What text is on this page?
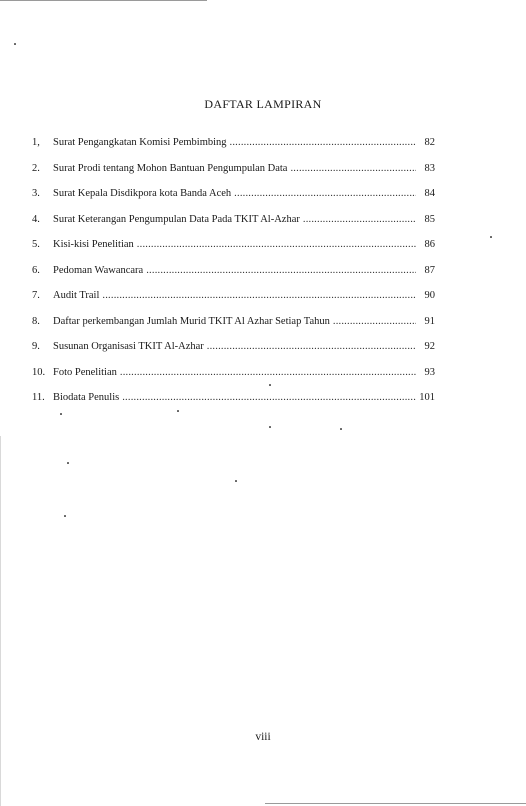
DAFTAR LAMPIRAN
1,	Surat Pengangkatan Komisi Pembimbing .....	82
2.	Surat Prodi tentang Mohon Bantuan Pengumpulan Data .....	83
3.	Surat Kepala Disdikpora kota Banda Aceh .....	84
4.	Surat Keterangan Pengumpulan Data Pada TKIT Al-Azhar .....	85
5.	Kisi-kisi Penelitian .....	86
6.	Pedoman Wawancara .....	87
7.	Audit Trail .....	90
8.	Daftar perkembangan Jumlah Murid TKIT Al Azhar Setiap Tahun .....	91
9.	Susunan Organisasi TKIT Al-Azhar .....	92
10. Foto Penelitian .....	93
11. Biodata Penulis .....	101
viii
